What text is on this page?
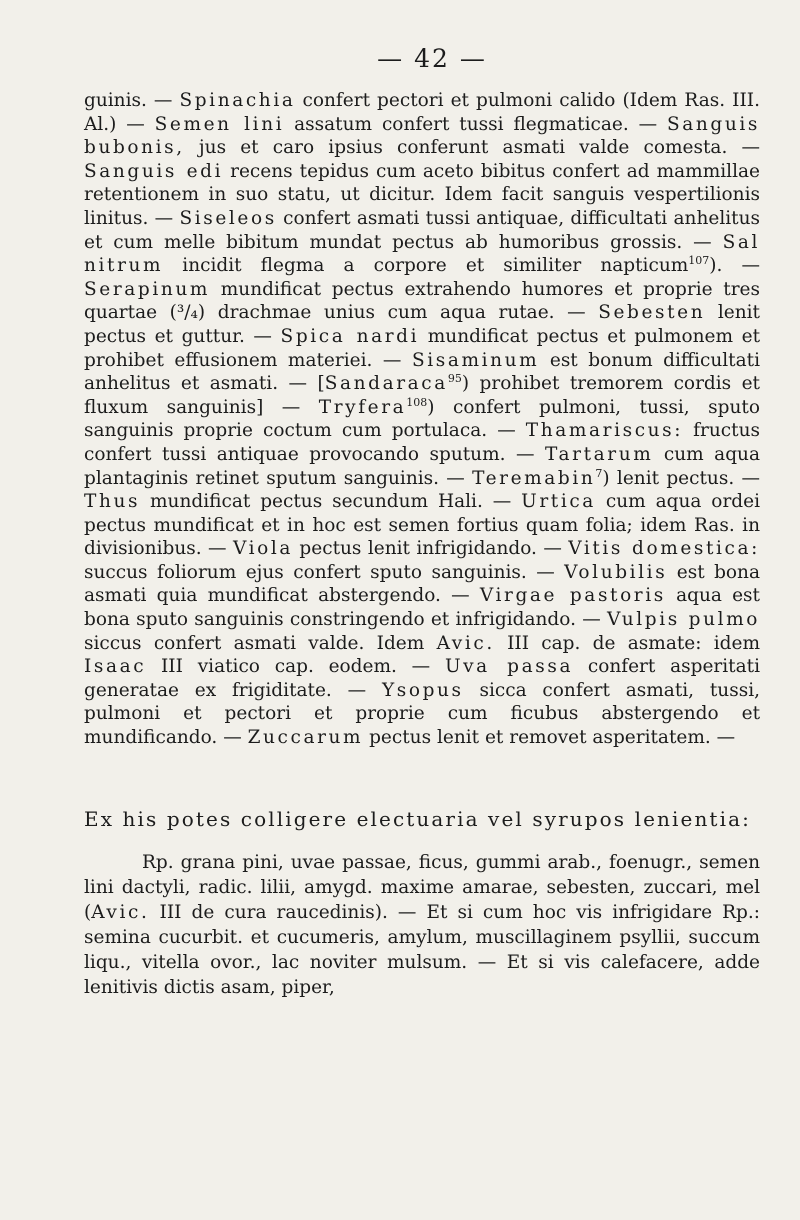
— 42 —

guinis. — Spinachia confert pectori et pulmoni calido (Idem Ras. III. Al.) — Semen lini assatum confert tussi flegmaticae. — Sanguis bubonis, jus et caro ipsius conferunt asmati valde comesta. — Sanguis edi recens tepidus cum aceto bibitus confert ad mammillae retentionem in suo statu, ut dicitur. Idem facit sanguis vespertilionis linitus. — Siseleos confert asmati tussi antiquae, difficultati anhelitus et cum melle bibitum mundat pectus ab humoribus grossis. — Sal nitrum incidit flegma a corpore et similiter napticum$^{107}$). — Serapinum mundificat pectus extrahendo humores et proprie tres quartae (³/₄) drachmae unius cum aqua rutae. — Sebesten lenit pectus et guttur. — Spica nardi mundificat pectus et pulmonem et prohibet effusionem materiei. — Sisaminum est bonum difficultati anhelitus et asmati. — [Sandaraca$^{95}$) prohibet tremorem cordis et fluxum sanguinis] — Tryfera$^{108}$) confert pulmoni, tussi, sputo sanguinis proprie coctum cum portulaca. — Thamariscus: fructus confert tussi antiquae provocando sputum. — Tartarum cum aqua plantaginis retinet sputum sanguinis. — Teremabin$^7$) lenit pectus. — Thus mundificat pectus secundum Hali. — Urtica cum aqua ordei pectus mundificat et in hoc est semen fortius quam folia; idem Ras. in divisionibus. — Viola pectus lenit infrigidando. — Vitis domestica: succus foliorum ejus confert sputo sanguinis. — Volubilis est bona asmati quia mundificat abstergendo. — Virgae pastoris aqua est bona sputo sanguinis constringendo et infrigidando. — Vulpis pulmo siccus confert asmati valde. Idem Avic. III cap. de asmate: idem Isaac III viatico cap. eodem. — Uva passa confert asperitati generatae ex frigiditate. — Ysopus sicca confert asmati, tussi, pulmoni et pectori et proprie cum ficubus abstergendo et mundificando. — Zuccarum pectus lenit et removet asperitatem. —

Ex his potes colligere electuaria vel syrupos lenientia:

Rp. grana pini, uvae passae, ficus, gummi arab., foenugr., semen lini dactyli, radic. lilii, amygd. maxime amarae, sebesten, zuccari, mel (Avic. III de cura raucedinis). — Et si cum hoc vis infrigidare Rp.: semina cucurbit. et cucumeris, amylum, muscillaginem psyllii, succum liqu., vitella ovor., lac noviter mulsum. — Et si vis calefacere, adde lenitivis dictis asam, piper,
